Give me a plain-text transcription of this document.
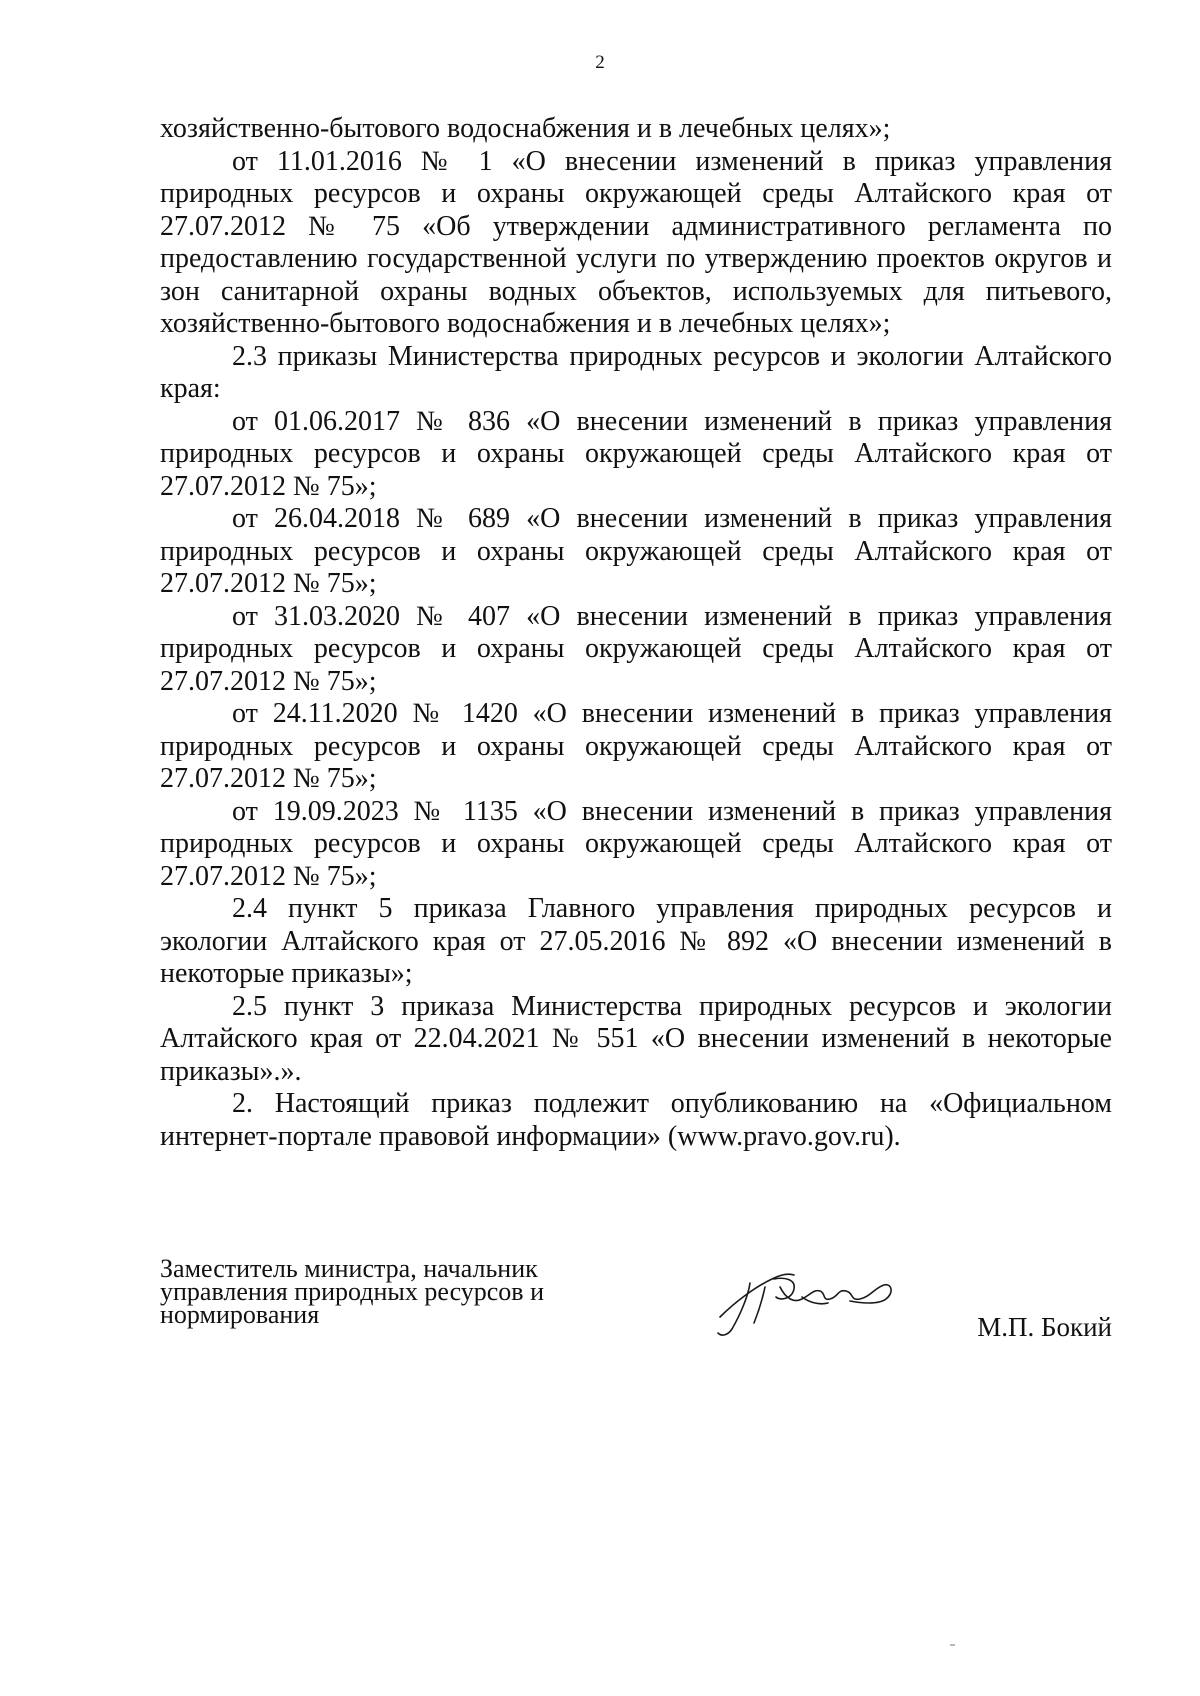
2

хозяйственно-бытового водоснабжения и в лечебных целях»;

от 11.01.2016 № 1 «О внесении изменений в приказ управления природных ресурсов и охраны окружающей среды Алтайского края от 27.07.2012 № 75 «Об утверждении административного регламента по предоставлению государственной услуги по утверждению проектов округов и зон санитарной охраны водных объектов, используемых для питьевого, хозяйственно-бытового водоснабжения и в лечебных целях»;

2.3 приказы Министерства природных ресурсов и экологии Алтайского края:

от 01.06.2017 № 836 «О внесении изменений в приказ управления природных ресурсов и охраны окружающей среды Алтайского края от 27.07.2012 № 75»;

от 26.04.2018 № 689 «О внесении изменений в приказ управления природных ресурсов и охраны окружающей среды Алтайского края от 27.07.2012 № 75»;

от 31.03.2020 № 407 «О внесении изменений в приказ управления природных ресурсов и охраны окружающей среды Алтайского края от 27.07.2012 № 75»;

от 24.11.2020 № 1420 «О внесении изменений в приказ управления природных ресурсов и охраны окружающей среды Алтайского края от 27.07.2012 № 75»;

от 19.09.2023 № 1135 «О внесении изменений в приказ управления природных ресурсов и охраны окружающей среды Алтайского края от 27.07.2012 № 75»;

2.4 пункт 5 приказа Главного управления природных ресурсов и экологии Алтайского края от 27.05.2016 № 892 «О внесении изменений в некоторые приказы»;

2.5 пункт 3 приказа Министерства природных ресурсов и экологии Алтайского края от 22.04.2021 № 551 «О внесении изменений в некоторые приказы».».

2. Настоящий приказ подлежит опубликованию на «Официальном интернет-портале правовой информации» (www.pravo.gov.ru).

Заместитель министра, начальник
управления природных ресурсов и
нормирования	М.П. Бокий
